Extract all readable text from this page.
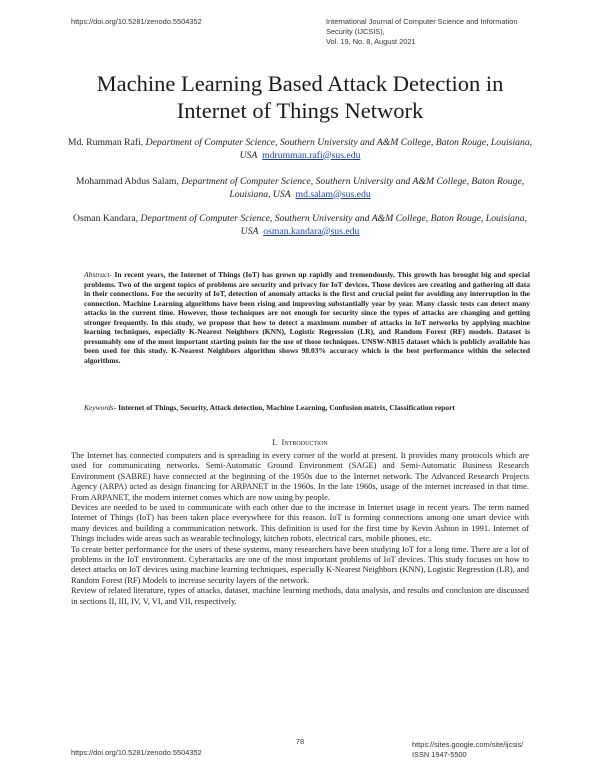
https://doi.org/10.5281/zenodo.5504352	International Journal of Computer Science and Information Security (IJCSIS),
Vol. 19, No. 8, August 2021
Machine Learning Based Attack Detection in
Internet of Things Network
Md. Rumman Rafi, Department of Computer Science, Southern University and A&M College, Baton Rouge, Louisiana, USA mdrumman.rafi@sus.edu
Mohammad Abdus Salam, Department of Computer Science, Southern University and A&M College, Baton Rouge, Louisiana, USA md.salam@sus.edu
Osman Kandara, Department of Computer Science, Southern University and A&M College, Baton Rouge, Louisiana, USA osman.kandara@sus.edu
Abstract- In recent years, the Internet of Things (IoT) has grown up rapidly and tremendously. This growth has brought big and special problems. Two of the urgent topics of problems are security and privacy for IoT devices. Those devices are creating and gathering all data in their connections. For the security of IoT, detection of anomaly attacks is the first and crucial point for avoiding any interruption in the connection. Machine Learning algorithms have been rising and improving substantially year by year. Many classic tests can detect many attacks in the current time. However, those techniques are not enough for security since the types of attacks are changing and getting stronger frequently. In this study, we propose that how to detect a maximum number of attacks in IoT networks by applying machine learning techniques, especially K-Nearest Neighbors (KNN), Logistic Regression (LR), and Random Forest (RF) models. Dataset is presumably one of the most important starting points for the use of those techniques. UNSW-NB15 dataset which is publicly available has been used for this study. K-Nearest Neighbors algorithm shows 98.03% accuracy which is the best performance within the selected algorithms.
Keywords- Internet of Things, Security, Attack detection, Machine Learning, Confusion matrix, Classification report
I. Introduction

The Internet has connected computers and is spreading in every corner of the world at present. It provides many protocols which are used for communicating networks. Semi-Automatic Ground Environment (SAGE) and Semi-Automatic Business Research Environment (SABRE) have connected at the beginning of the 1950s due to the Internet network. The Advanced Research Projects Agency (ARPA) acted as design financing for ARPANET in the 1960s. In the late 1960s, usage of the internet increased in that time. From ARPANET, the modern internet comes which are now using by people.

Devices are needed to be used to communicate with each other due to the increase in Internet usage in recent years. The term named Internet of Things (IoT) has been taken place everywhere for this reason. IoT is forming connections among one smart device with many devices and building a communication network. This definition is used for the first time by Kevin Ashton in 1991. Internet of Things includes wide areas such as wearable technology, kitchen robots, electrical cars, mobile phones, etc.

To create better performance for the users of these systems, many researchers have been studying IoT for a long time. There are a lot of problems in the IoT environment. Cyberattacks are one of the most important problems of IoT devices. This study focuses on how to detect attacks on IoT devices using machine learning techniques, especially K-Nearest Neighbors (KNN), Logistic Regression (LR), and Random Forest (RF) Models to increase security layers of the network.

Review of related literature, types of attacks, dataset, machine learning methods, data analysis, and results and conclusion are discussed in sections II, III, IV, V, VI, and VII, respectively.

78
https://doi.org/10.5281/zenodo.5504352
https://sites.google.com/site/ijcsis/
ISSN 1947-5500
